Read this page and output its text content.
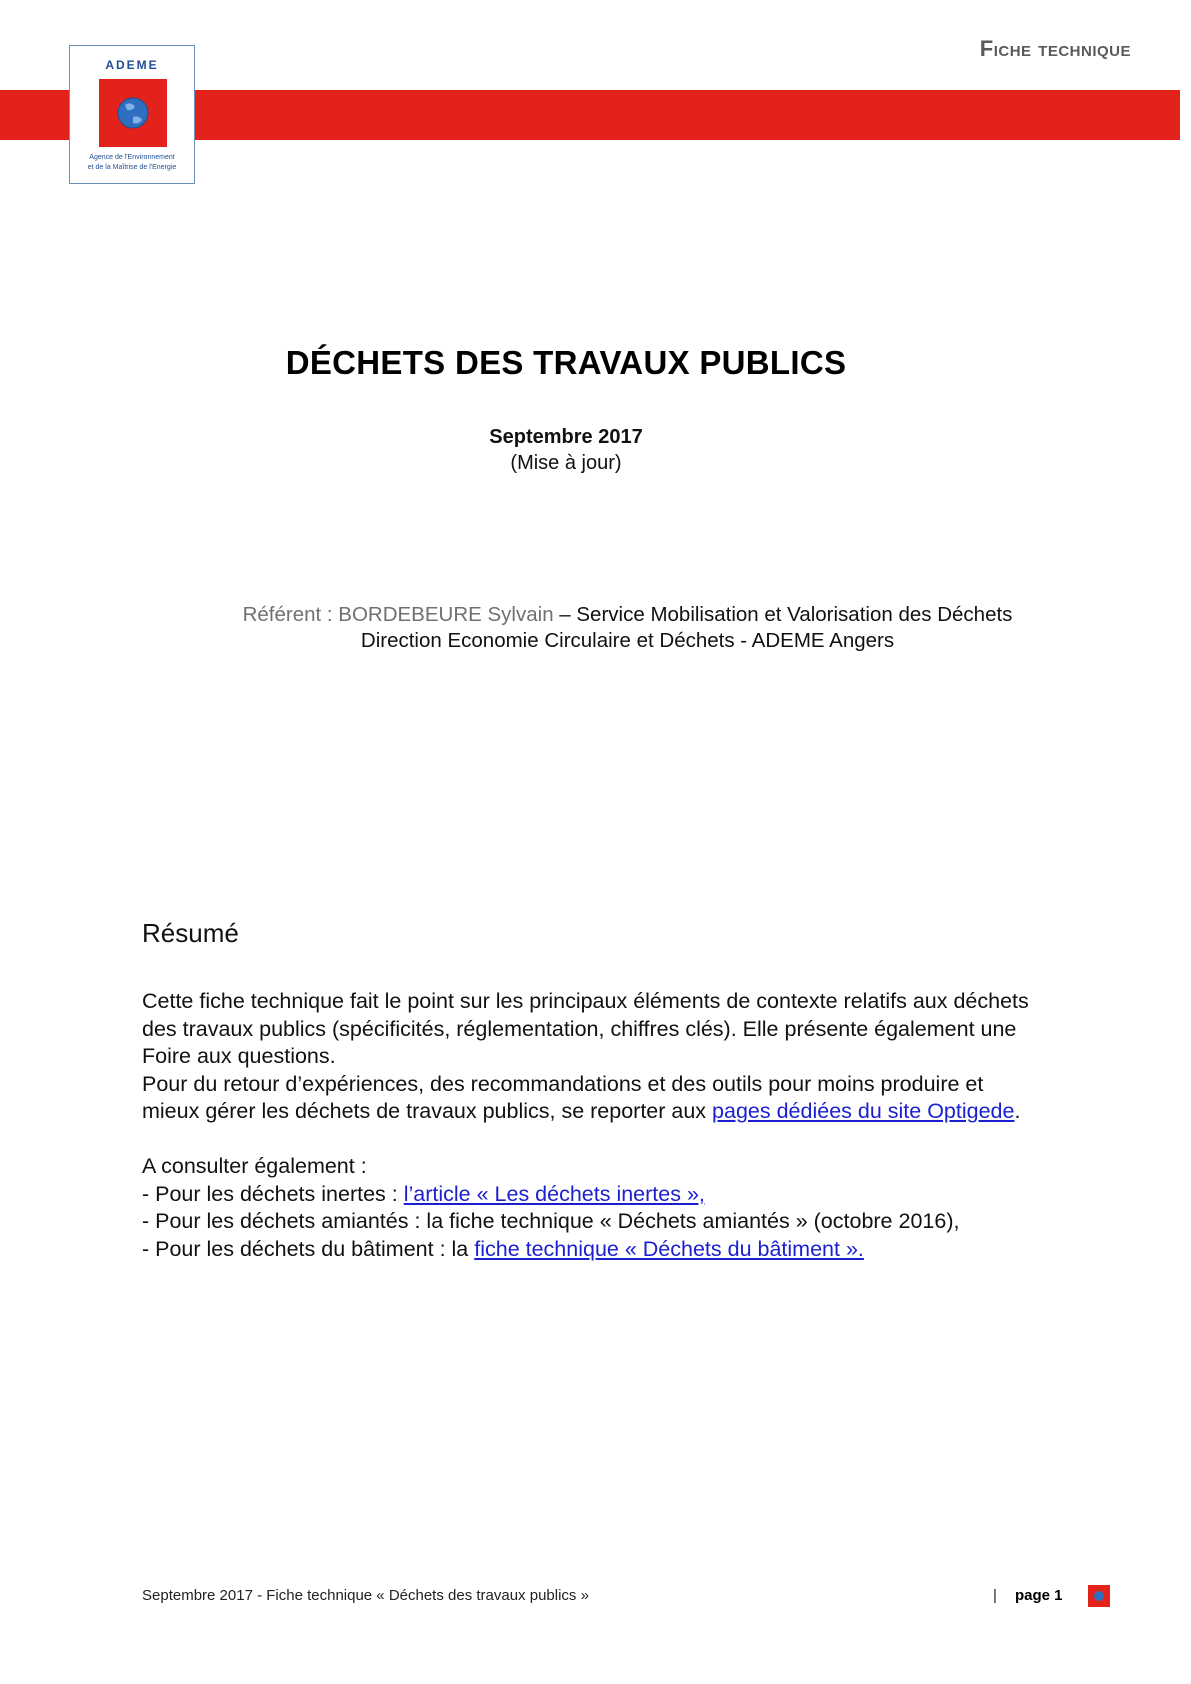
Fiche technique
ADEME
Agence de l'Environnement
et de la Maîtrise de l'Energie
DÉCHETS DES TRAVAUX PUBLICS
Septembre 2017
(Mise à jour)
Référent : BORDEBEURE Sylvain – Service Mobilisation et Valorisation des Déchets
Direction Economie Circulaire et Déchets - ADEME Angers
Résumé
Cette fiche technique fait le point sur les principaux éléments de contexte relatifs aux déchets
des travaux publics (spécificités, réglementation, chiffres clés). Elle présente également une
Foire aux questions.
Pour du retour d’expériences, des recommandations et des outils pour moins produire et
mieux gérer les déchets de travaux publics, se reporter aux pages dédiées du site Optigede.
A consulter également :
- Pour les déchets inertes : l’article « Les déchets inertes »,
- Pour les déchets amiantés : la fiche technique « Déchets amiantés » (octobre 2016),
- Pour les déchets du bâtiment : la fiche technique « Déchets du bâtiment ».
Septembre 2017 - Fiche technique « Déchets des travaux publics »	| page 1
